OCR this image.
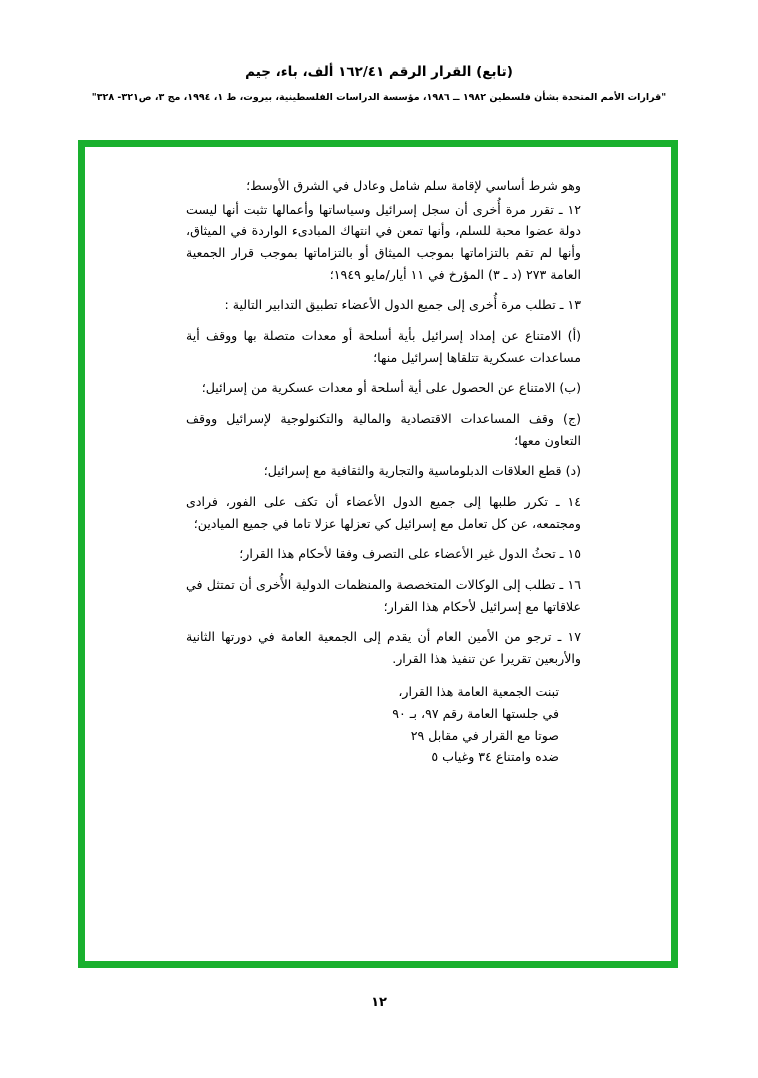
(تابع) القرار الرقم ١٦٢/٤١ ألف، باء، جيم
"قرارات الأمم المتحدة بشأن فلسطين ١٩٨٢ ــ ١٩٨٦، مؤسسة الدراسات الفلسطينية، بيروت، ط ١، ١٩٩٤، مج ٣، ص٣٢١- ٣٢٨"

وهو شرط أساسي لإقامة سلم شامل وعادل في الشرق الأوسط؛

١٢ ـ تقرر مرة أُخرى أن سجل إسرائيل وسياساتها وأعمالها تثبت أنها ليست دولة عضوا محبة للسلم، وأنها تمعن في انتهاك المبادىء الواردة في الميثاق، وأنها لم تقم بالتزاماتها بموجب الميثاق أو بالتزاماتها بموجب قرار الجمعية العامة ٢٧٣ (د ـ ٣) المؤرخ في ١١ أيار/مايو ١٩٤٩؛

١٣ ـ تطلب مرة أُخرى إلى جميع الدول الأعضاء تطبيق التدابير التالية :

(أ) الامتناع عن إمداد إسرائيل بأية أسلحة أو معدات متصلة بها ووقف أية مساعدات عسكرية تتلقاها إسرائيل منها؛

(ب) الامتناع عن الحصول على أية أسلحة أو معدات عسكرية من إسرائيل؛

(ج) وقف المساعدات الاقتصادية والمالية والتكنولوجية لإسرائيل ووقف التعاون معها؛

(د) قطع العلاقات الدبلوماسية والتجارية والثقافية مع إسرائيل؛

١٤ ـ تكرر طلبها إلى جميع الدول الأعضاء أن تكف على الفور، فرادى ومجتمعه، عن كل تعامل مع إسرائيل كي تعزلها عزلا تاما في جميع الميادين؛

١٥ ـ تحثُ الدول غير الأعضاء على التصرف وفقا لأحكام هذا القرار؛

١٦ ـ تطلب إلى الوكالات المتخصصة والمنظمات الدولية الأُخرى أن تمتثل في علاقاتها مع إسرائيل لأحكام هذا القرار؛

١٧ ـ ترجو من الأمين العام أن يقدم إلى الجمعية العامة في دورتها الثانية والأربعين تقريرا عن تنفيذ هذا القرار.

تبنت الجمعية العامة هذا القرار،

في جلستها العامة رقم ٩٧، بـ ٩٠

صوتا مع القرار في مقابل ٢٩

ضده وامتناع ٣٤ وغياب ٥

١٢
